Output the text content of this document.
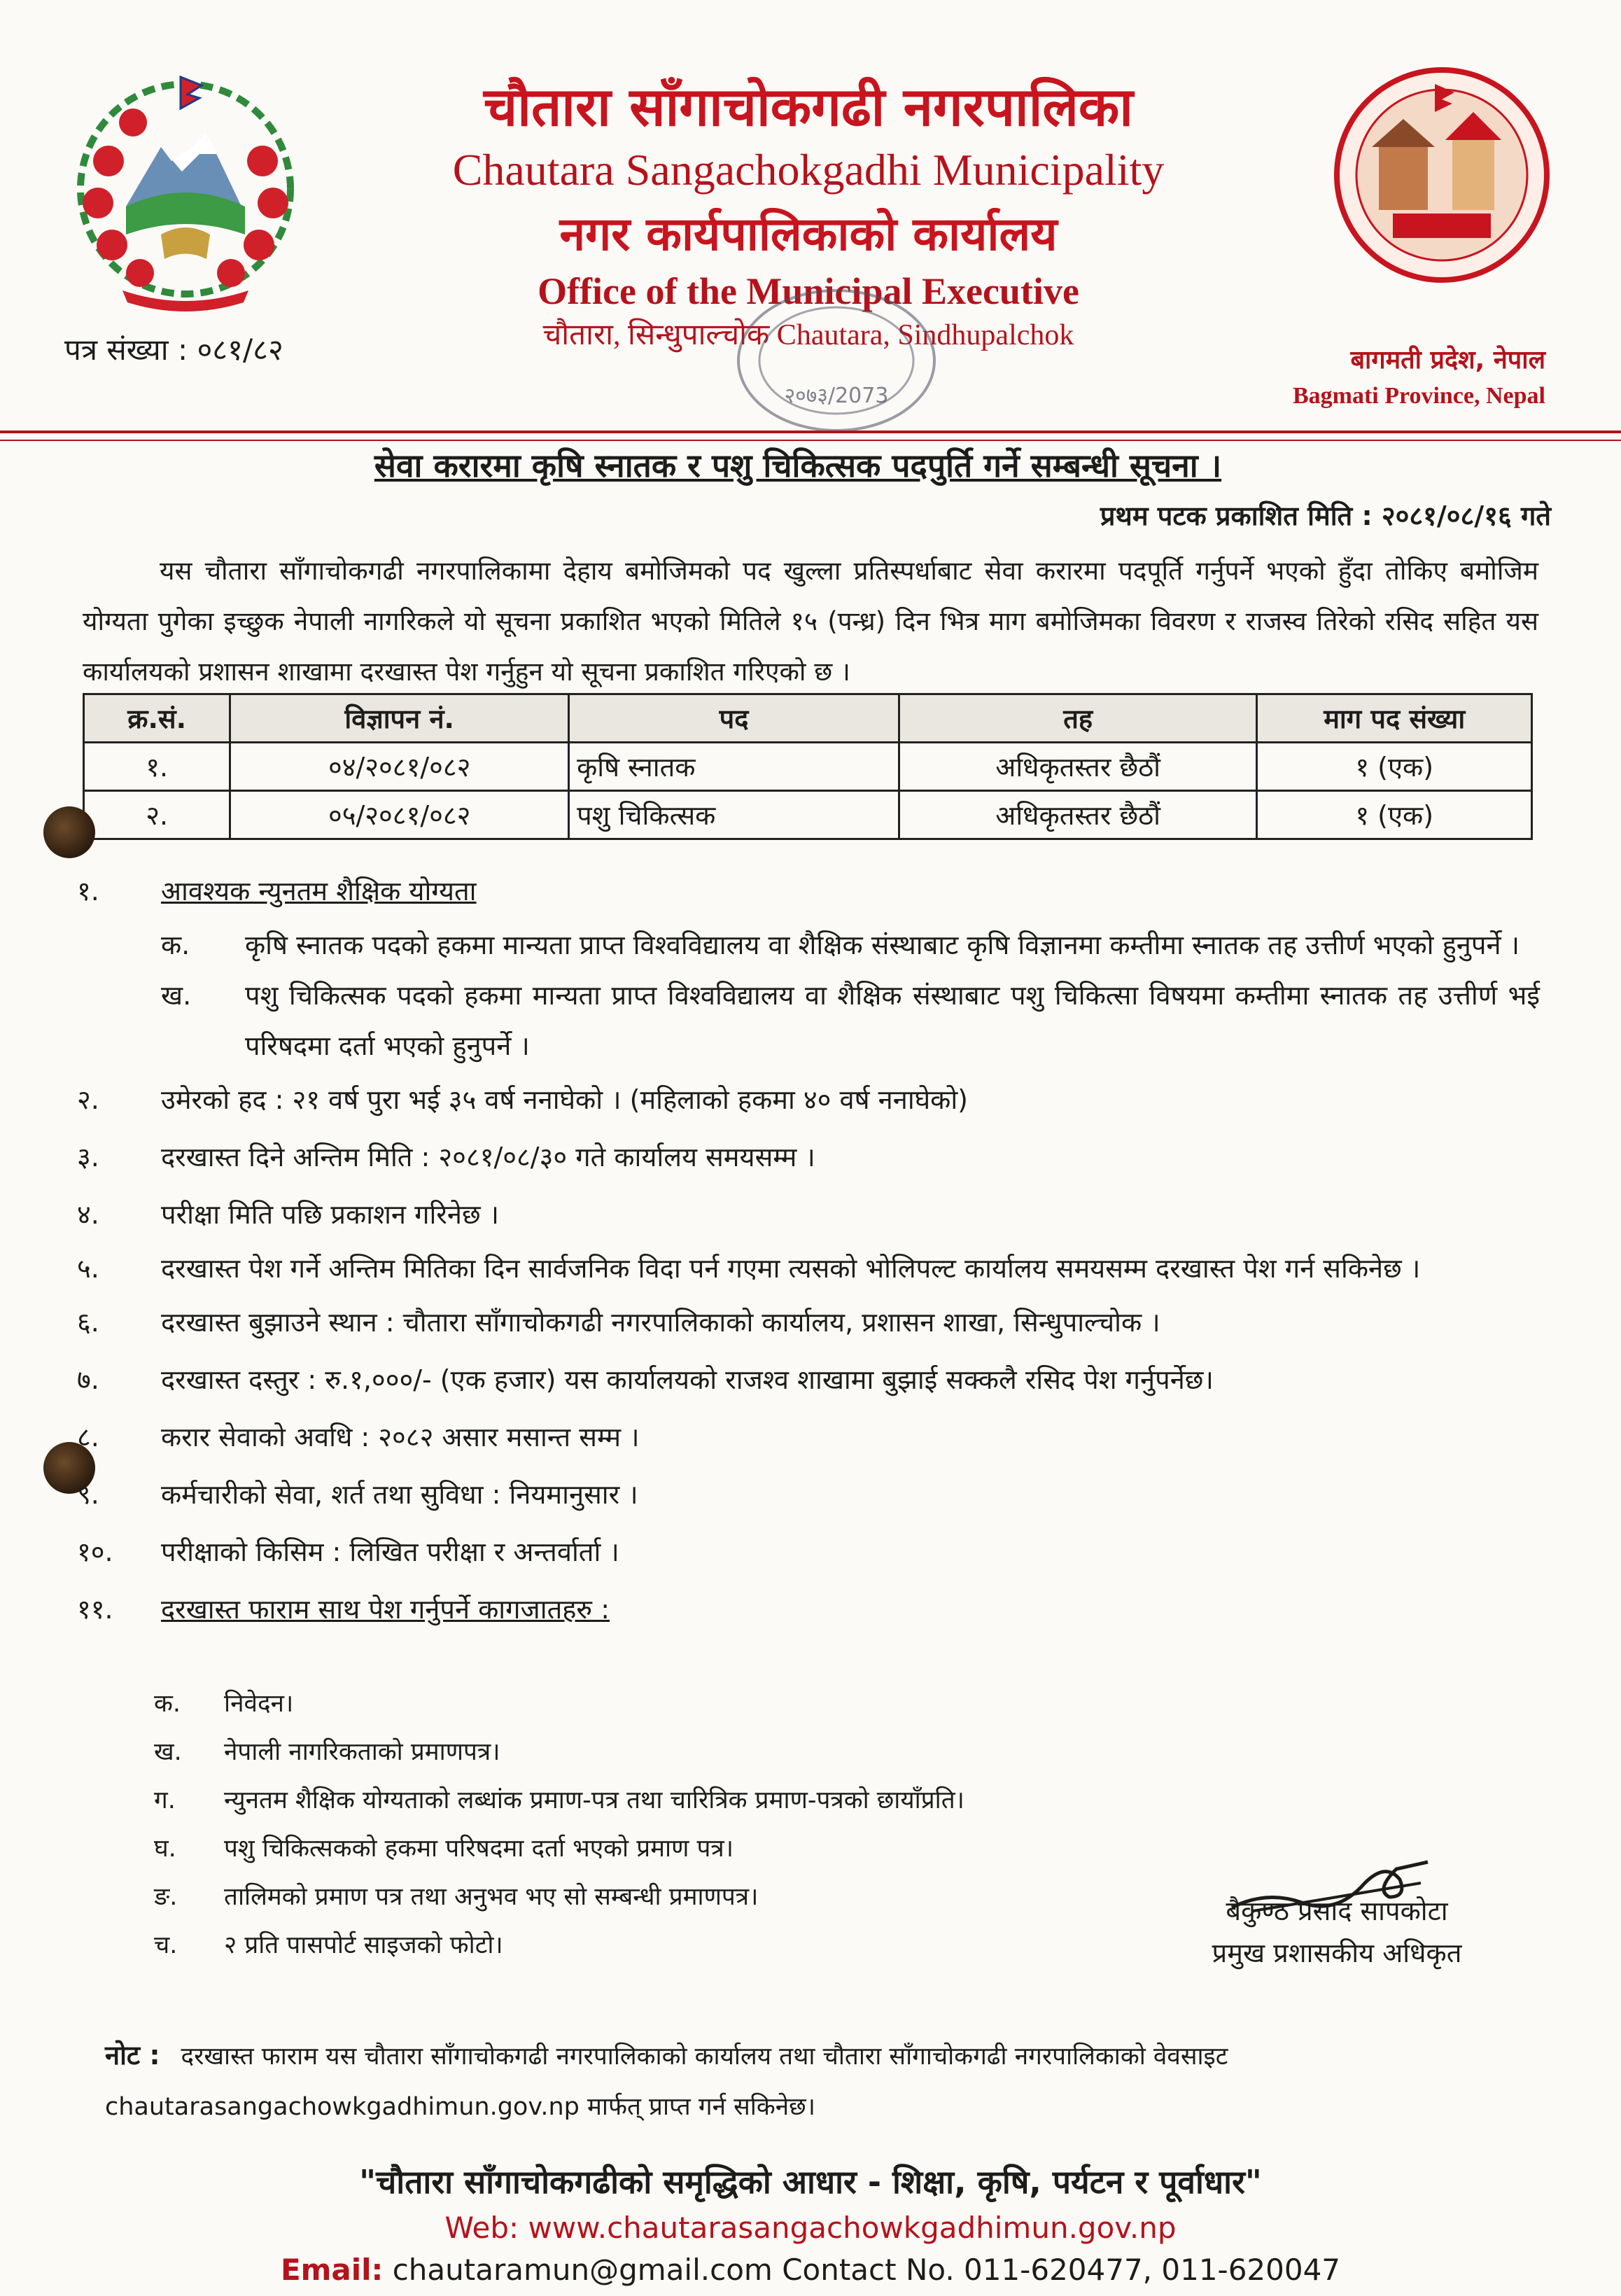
चौतारा साँगाचोकगढी नगरपालिका
Chautara Sangachokgadhi Municipality
नगर कार्यपालिकाको कार्यालय
Office of the Municipal Executive
चौतारा, सिन्धुपाल्चोक Chautara, Sindhupalchok
२०७३/2073
पत्र संख्या : ०८१/८२	बागमती प्रदेश, नेपाल
Bagmati Province, Nepal
सेवा करारमा कृषि स्नातक र पशु चिकित्सक पदपुर्ति गर्ने सम्बन्धी सूचना ।
प्रथम पटक प्रकाशित मिति : २०८१/०८/१६ गते
यस चौतारा साँगाचोकगढी नगरपालिकामा देहाय बमोजिमको पद खुल्ला प्रतिस्पर्धाबाट सेवा करारमा पदपूर्ति गर्नुपर्ने भएको हुँदा तोकिए बमोजिम योग्यता पुगेका इच्छुक नेपाली नागरिकले यो सूचना प्रकाशित भएको मितिले १५ (पन्ध्र) दिन भित्र माग बमोजिमका विवरण र राजस्व तिरेको रसिद सहित यस कार्यालयको प्रशासन शाखामा दरखास्त पेश गर्नुहुन यो सूचना प्रकाशित गरिएको छ ।
क्र.सं.	विज्ञापन नं.	पद	तह	माग पद संख्या
१.	०४/२०८१/०८२	कृषि स्नातक	अधिकृतस्तर छैठौं	१ (एक)
२.	०५/२०८१/०८२	पशु चिकित्सक	अधिकृतस्तर छैठौं	१ (एक)
१.	आवश्यक न्युनतम शैक्षिक योग्यता
क.	कृषि स्नातक पदको हकमा मान्यता प्राप्त विश्वविद्यालय वा शैक्षिक संस्थाबाट कृषि विज्ञानमा कम्तीमा स्नातक तह उत्तीर्ण भएको हुनुपर्ने ।
ख.	पशु चिकित्सक पदको हकमा मान्यता प्राप्त विश्वविद्यालय वा शैक्षिक संस्थाबाट पशु चिकित्सा विषयमा कम्तीमा स्नातक तह उत्तीर्ण भई परिषदमा दर्ता भएको हुनुपर्ने ।
२.	उमेरको हद : २१ वर्ष पुरा भई ३५ वर्ष ननाघेको । (महिलाको हकमा ४० वर्ष ननाघेको)
३.	दरखास्त दिने अन्तिम मिति : २०८१/०८/३० गते कार्यालय समयसम्म ।
४.	परीक्षा मिति पछि प्रकाशन गरिनेछ ।
५.	दरखास्त पेश गर्ने अन्तिम मितिका दिन सार्वजनिक विदा पर्न गएमा त्यसको भोलिपल्ट कार्यालय समयसम्म दरखास्त पेश गर्न सकिनेछ ।
६.	दरखास्त बुझाउने स्थान : चौतारा साँगाचोकगढी नगरपालिकाको कार्यालय, प्रशासन शाखा, सिन्धुपाल्चोक ।
७.	दरखास्त दस्तुर : रु.१,०००/- (एक हजार) यस कार्यालयको राजश्व शाखामा बुझाई सक्कलै रसिद पेश गर्नुपर्नेछ।
८.	करार सेवाको अवधि : २०८२ असार मसान्त सम्म ।
९.	कर्मचारीको सेवा, शर्त तथा सुविधा : नियमानुसार ।
१०.	परीक्षाको किसिम : लिखित परीक्षा र अन्तर्वार्ता ।
११.	दरखास्त फाराम साथ पेश गर्नुपर्ने कागजातहरु :
क.	निवेदन।
ख.	नेपाली नागरिकताको प्रमाणपत्र।
ग.	न्युनतम शैक्षिक योग्यताको लब्धांक प्रमाण-पत्र तथा चारित्रिक प्रमाण-पत्रको छायाँप्रति।
घ.	पशु चिकित्सकको हकमा परिषदमा दर्ता भएको प्रमाण पत्र।
ङ.	तालिमको प्रमाण पत्र तथा अनुभव भए सो सम्बन्धी प्रमाणपत्र।
च.	२ प्रति पासपोर्ट साइजको फोटो।
बैकुण्ठ प्रसाद सापकोटा
प्रमुख प्रशासकीय अधिकृत
नोट : दरखास्त फाराम यस चौतारा साँगाचोकगढी नगरपालिकाको कार्यालय तथा चौतारा साँगाचोकगढी नगरपालिकाको वेवसाइट chautarasangachowkgadhimun.gov.np मार्फत् प्राप्त गर्न सकिनेछ।
"चौतारा साँगाचोकगढीको समृद्धिको आधार - शिक्षा, कृषि, पर्यटन र पूर्वाधार"
Web: www.chautarasangachowkgadhimun.gov.np
Email: chautaramun@gmail.com Contact No. 011-620477, 011-620047
